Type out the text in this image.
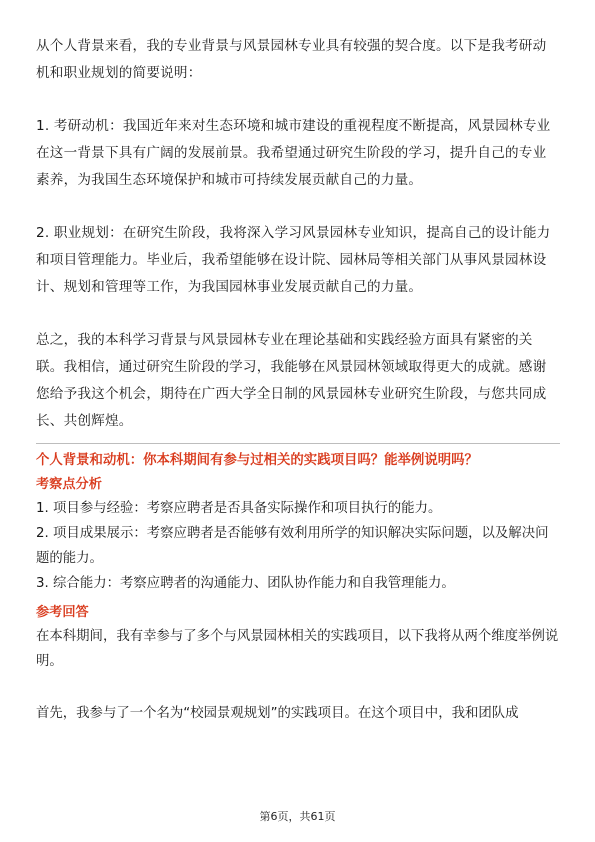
从个人背景来看，我的专业背景与风景园林专业具有较强的契合度。以下是我考研动机和职业规划的简要说明：

1. 考研动机：我国近年来对生态环境和城市建设的重视程度不断提高，风景园林专业在这一背景下具有广阔的发展前景。我希望通过研究生阶段的学习，提升自己的专业素养，为我国生态环境保护和城市可持续发展贡献自己的力量。

2. 职业规划：在研究生阶段，我将深入学习风景园林专业知识，提高自己的设计能力和项目管理能力。毕业后，我希望能够在设计院、园林局等相关部门从事风景园林设计、规划和管理等工作，为我国园林事业发展贡献自己的力量。

总之，我的本科学习背景与风景园林专业在理论基础和实践经验方面具有紧密的关联。我相信，通过研究生阶段的学习，我能够在风景园林领域取得更大的成就。感谢您给予我这个机会，期待在广西大学全日制的风景园林专业研究生阶段，与您共同成长、共创辉煌。

个人背景和动机：你本科期间有参与过相关的实践项目吗？能举例说明吗？

考察点分析

1. 项目参与经验：考察应聘者是否具备实际操作和项目执行的能力。

2. 项目成果展示：考察应聘者是否能够有效利用所学的知识解决实际问题，以及解决问题的能力。

3. 综合能力：考察应聘者的沟通能力、团队协作能力和自我管理能力。

参考回答

在本科期间，我有幸参与了多个与风景园林相关的实践项目，以下我将从两个维度举例说明。

首先，我参与了一个名为“校园景观规划”的实践项目。在这个项目中，我和团队成

第6页，共61页
